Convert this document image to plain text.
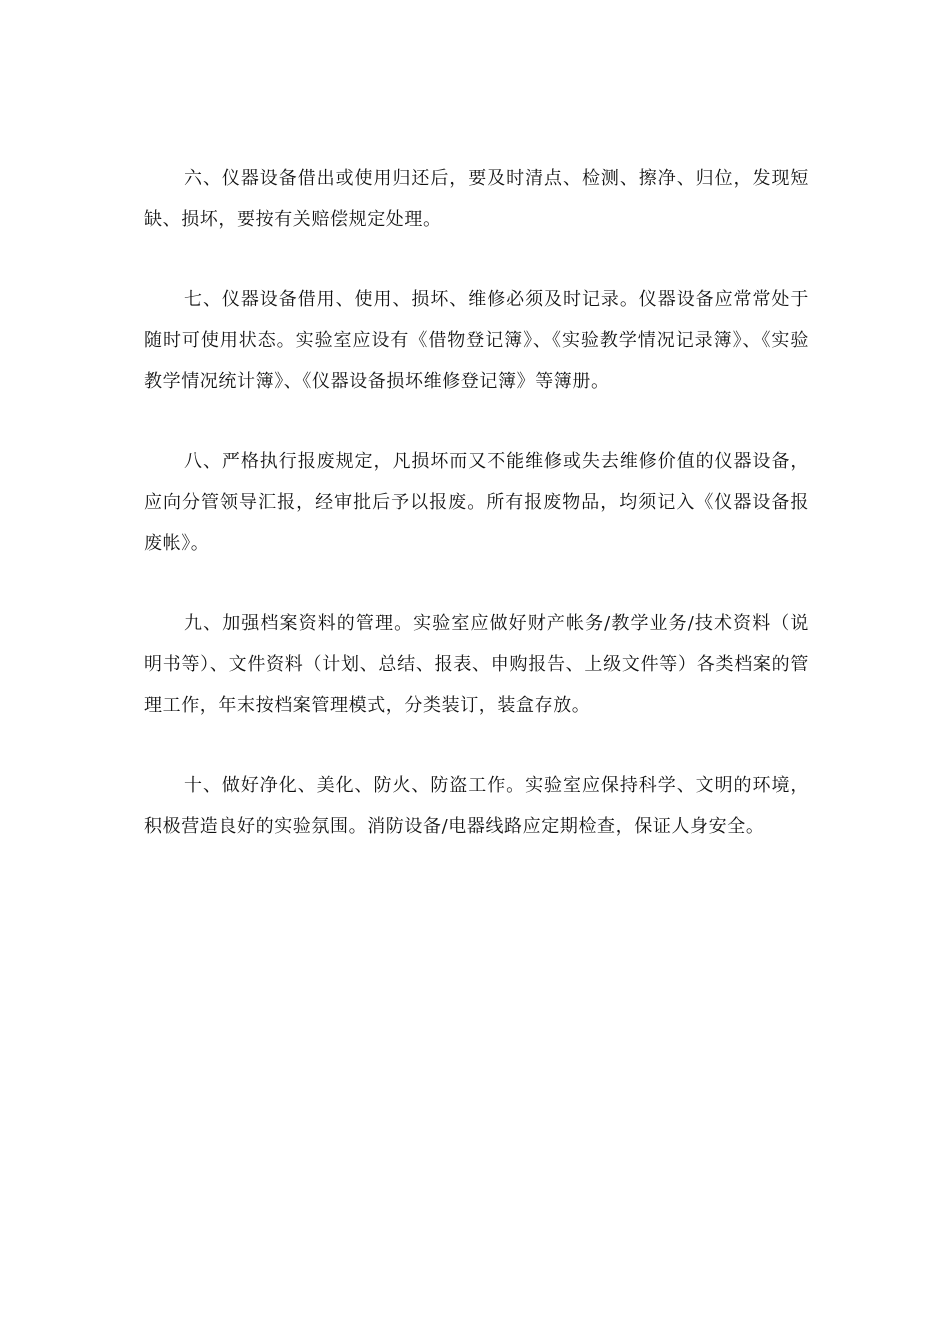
六、仪器设备借出或使用归还后，要及时清点、检测、擦净、归位，发现短缺、损坏，要按有关赔偿规定处理。

七、仪器设备借用、使用、损坏、维修必须及时记录。仪器设备应常常处于随时可使用状态。实验室应设有《借物登记簿》、《实验教学情况记录簿》、《实验教学情况统计簿》、《仪器设备损坏维修登记簿》等簿册。

八、严格执行报废规定，凡损坏而又不能维修或失去维修价值的仪器设备，应向分管领导汇报，经审批后予以报废。所有报废物品，均须记入《仪器设备报废帐》。

九、加强档案资料的管理。实验室应做好财产帐务/教学业务/技术资料（说明书等）、文件资料（计划、总结、报表、申购报告、上级文件等）各类档案的管理工作，年末按档案管理模式，分类装订，装盒存放。

十、做好净化、美化、防火、防盗工作。实验室应保持科学、文明的环境，积极营造良好的实验氛围。消防设备/电器线路应定期检查，保证人身安全。
